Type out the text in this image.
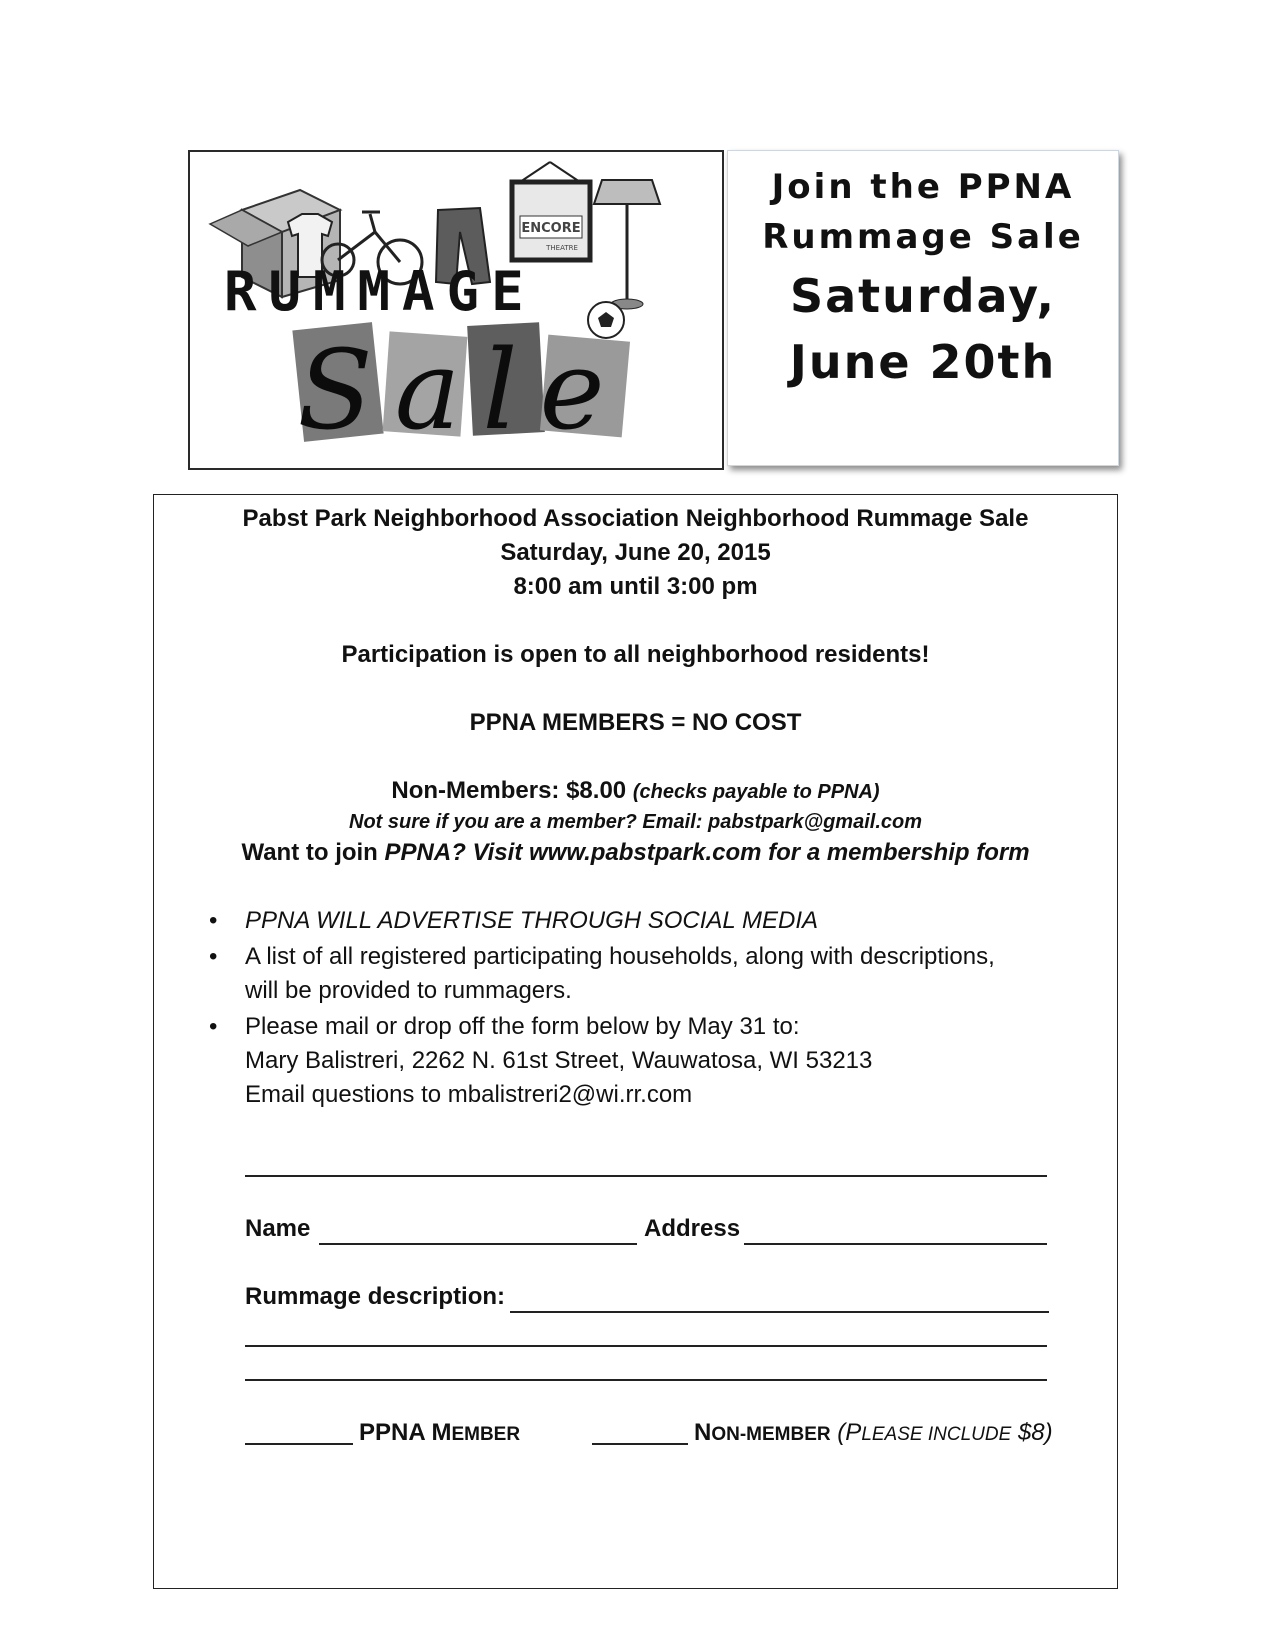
ENCORE
THEATRE
RUMMAGE
Sale
Join the PPNA
Rummage Sale
Saturday,
June 20th
Pabst Park Neighborhood Association Neighborhood Rummage Sale
Saturday, June 20, 2015
8:00 am until 3:00 pm
Participation is open to all neighborhood residents!
PPNA MEMBERS = NO COST
Non-Members: $8.00 (checks payable to PPNA)
Not sure if you are a member? Email: pabstpark@gmail.com
Want to join PPNA? Visit www.pabstpark.com for a membership form
• PPNA WILL ADVERTISE THROUGH SOCIAL MEDIA
• A list of all registered participating households, along with descriptions,
will be provided to rummagers.
• Please mail or drop off the form below by May 31 to:
Mary Balistreri, 2262 N. 61st Street, Wauwatosa, WI 53213
Email questions to mbalistreri2@wi.rr.com
Name	Address
Rummage description:
PPNA MEMBER	NON-MEMBER (PLEASE INCLUDE $8)
